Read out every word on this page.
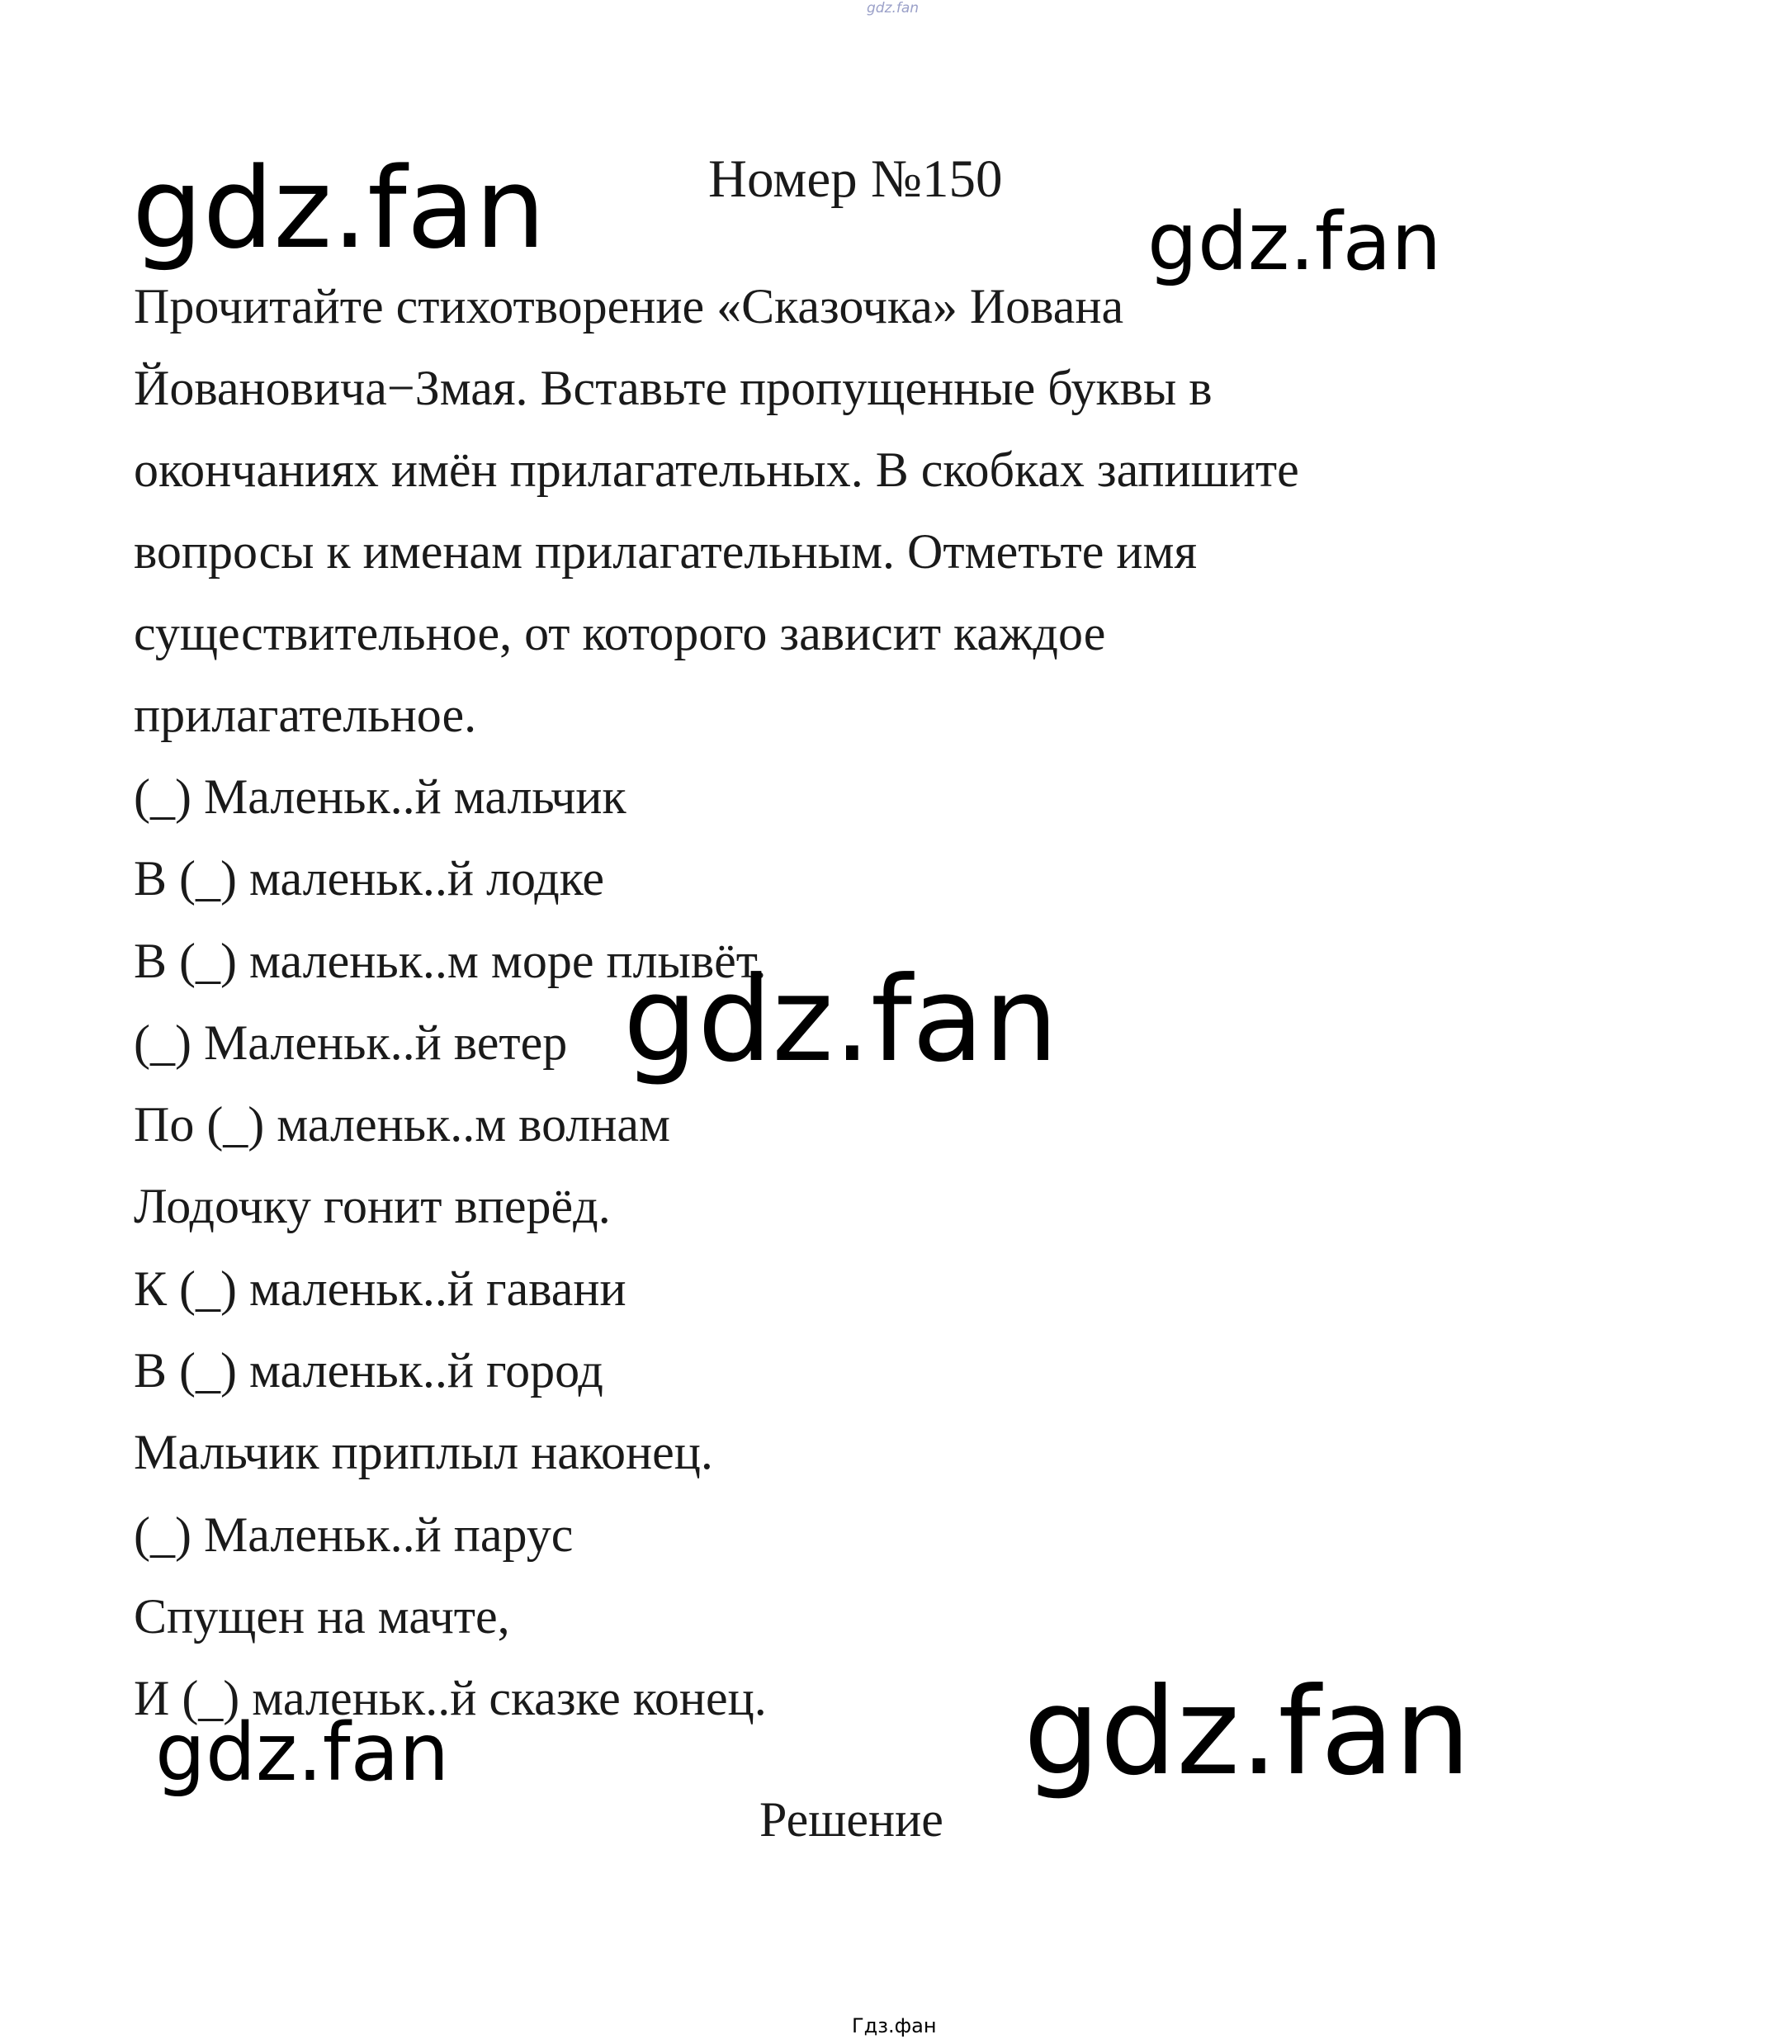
gdz.fan
Номер №150
Прочитайте стихотворение «Сказочка» Иована
Йовановича−Змая. Вставьте пропущенные буквы в
окончаниях имён прилагательных. В скобках запишите
вопросы к именам прилагательным. Отметьте имя
существительное, от которого зависит каждое
прилагательное.
(_) Маленьк..й мальчик
В (_) маленьк..й лодке
В (_) маленьк..м море плывёт.
(_) Маленьк..й ветер
По (_) маленьк..м волнам
Лодочку гонит вперёд.
К (_) маленьк..й гавани
В (_) маленьк..й город
Мальчик приплыл наконец.
(_) Маленьк..й парус
Спущен на мачте,
И (_) маленьк..й сказке конец.
Решение
gdz.fan	gdz.fan
gdz.fan
gdz.fan	gdz.fan
Гдз.фан
